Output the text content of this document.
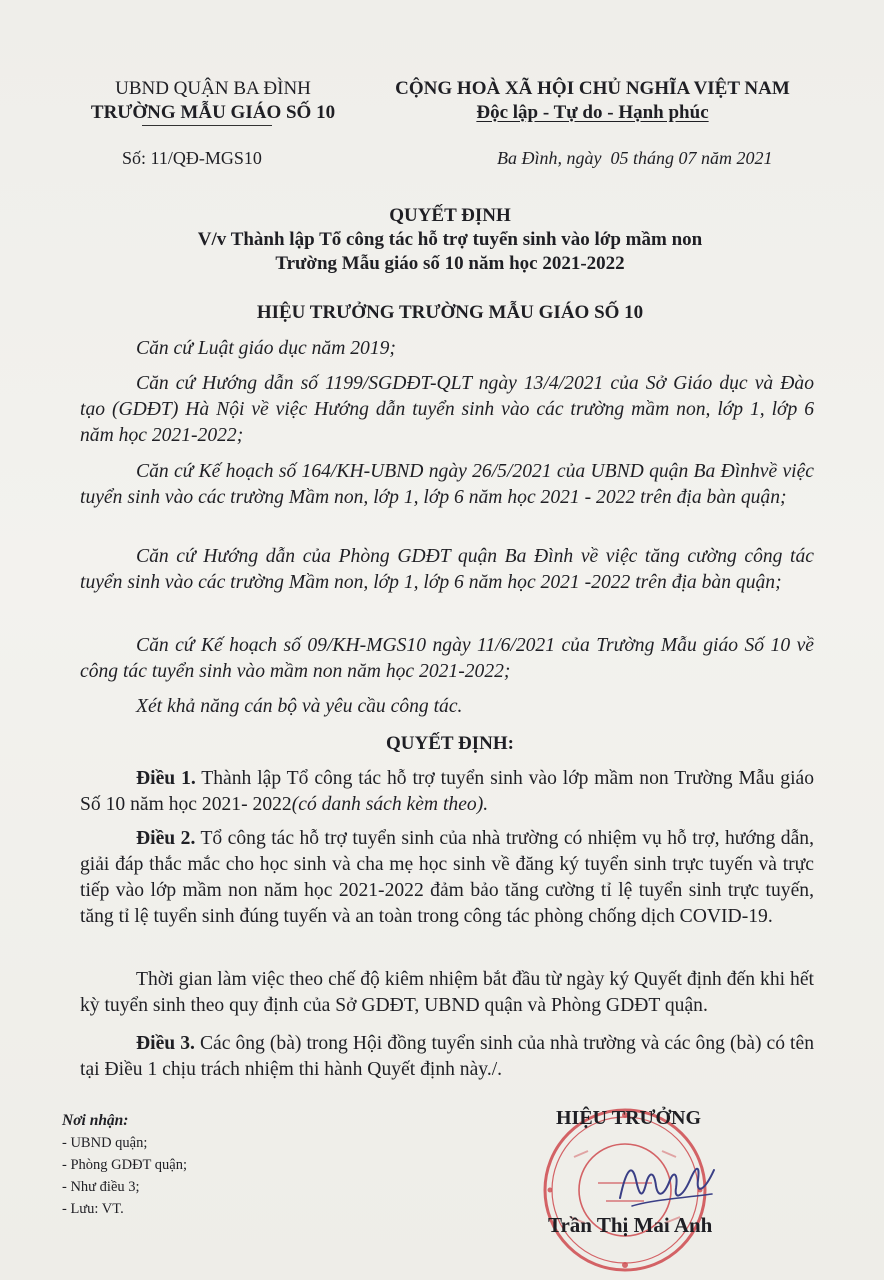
UBND QUẬN BA ĐÌNH
TRƯỜNG MẪU GIÁO SỐ 10
CỘNG HOÀ XÃ HỘI CHỦ NGHĨA VIỆT NAM
Độc lập - Tự do - Hạnh phúc
Số: 11/QĐ-MGS10	Ba Đình, ngày  05 tháng 07 năm 2021
QUYẾT ĐỊNH
V/v Thành lập Tổ công tác hỗ trợ tuyển sinh vào lớp mầm non
Trường Mẫu giáo số 10 năm học 2021-2022
HIỆU TRƯỞNG TRƯỜNG MẪU GIÁO SỐ 10
Căn cứ Luật giáo dục năm 2019;
Căn cứ Hướng dẫn số 1199/SGDĐT-QLT ngày 13/4/2021 của Sở Giáo dục và Đào tạo (GDĐT) Hà Nội về việc Hướng dẫn tuyển sinh vào các trường mầm non, lớp 1, lớp 6 năm học 2021-2022;
Căn cứ Kế hoạch số 164/KH-UBND ngày 26/5/2021 của UBND quận Ba Đìnhvề việc tuyển sinh vào các trường Mầm non, lớp 1, lớp 6 năm học 2021 - 2022 trên địa bàn quận;
Căn cứ Hướng dẫn của Phòng GDĐT quận Ba Đình về việc tăng cường công tác tuyển sinh vào các trường Mầm non, lớp 1, lớp 6 năm học 2021 -2022 trên địa bàn quận;
Căn cứ Kế hoạch số 09/KH-MGS10 ngày 11/6/2021 của Trường Mẫu giáo Số 10 về công tác tuyển sinh vào mầm non năm học 2021-2022;
Xét khả năng cán bộ và yêu cầu công tác.
QUYẾT ĐỊNH:
Điều 1. Thành lập Tổ công tác hỗ trợ tuyển sinh vào lớp mầm non Trường Mẫu giáo Số 10 năm học 2021- 2022(có danh sách kèm theo).
Điều 2. Tổ công tác hỗ trợ tuyển sinh của nhà trường có nhiệm vụ hỗ trợ, hướng dẫn, giải đáp thắc mắc cho học sinh và cha mẹ học sinh về đăng ký tuyển sinh trực tuyến và trực tiếp vào lớp mầm non năm học 2021-2022 đảm bảo tăng cường tỉ lệ tuyển sinh trực tuyến, tăng tỉ lệ tuyển sinh đúng tuyến và an toàn trong công tác phòng chống dịch COVID-19.
Thời gian làm việc theo chế độ kiêm nhiệm bắt đầu từ ngày ký Quyết định đến khi hết kỳ tuyển sinh theo quy định của Sở GDĐT, UBND quận và Phòng GDĐT quận.
Điều 3. Các ông (bà) trong Hội đồng tuyển sinh của nhà trường và các ông (bà) có tên tại Điều 1 chịu trách nhiệm thi hành Quyết định này./.
Nơi nhận:
- UBND quận;
- Phòng GDĐT quận;
- Như điều 3;
- Lưu: VT.
HIỆU TRƯỞNG
Trần Thị Mai Anh
